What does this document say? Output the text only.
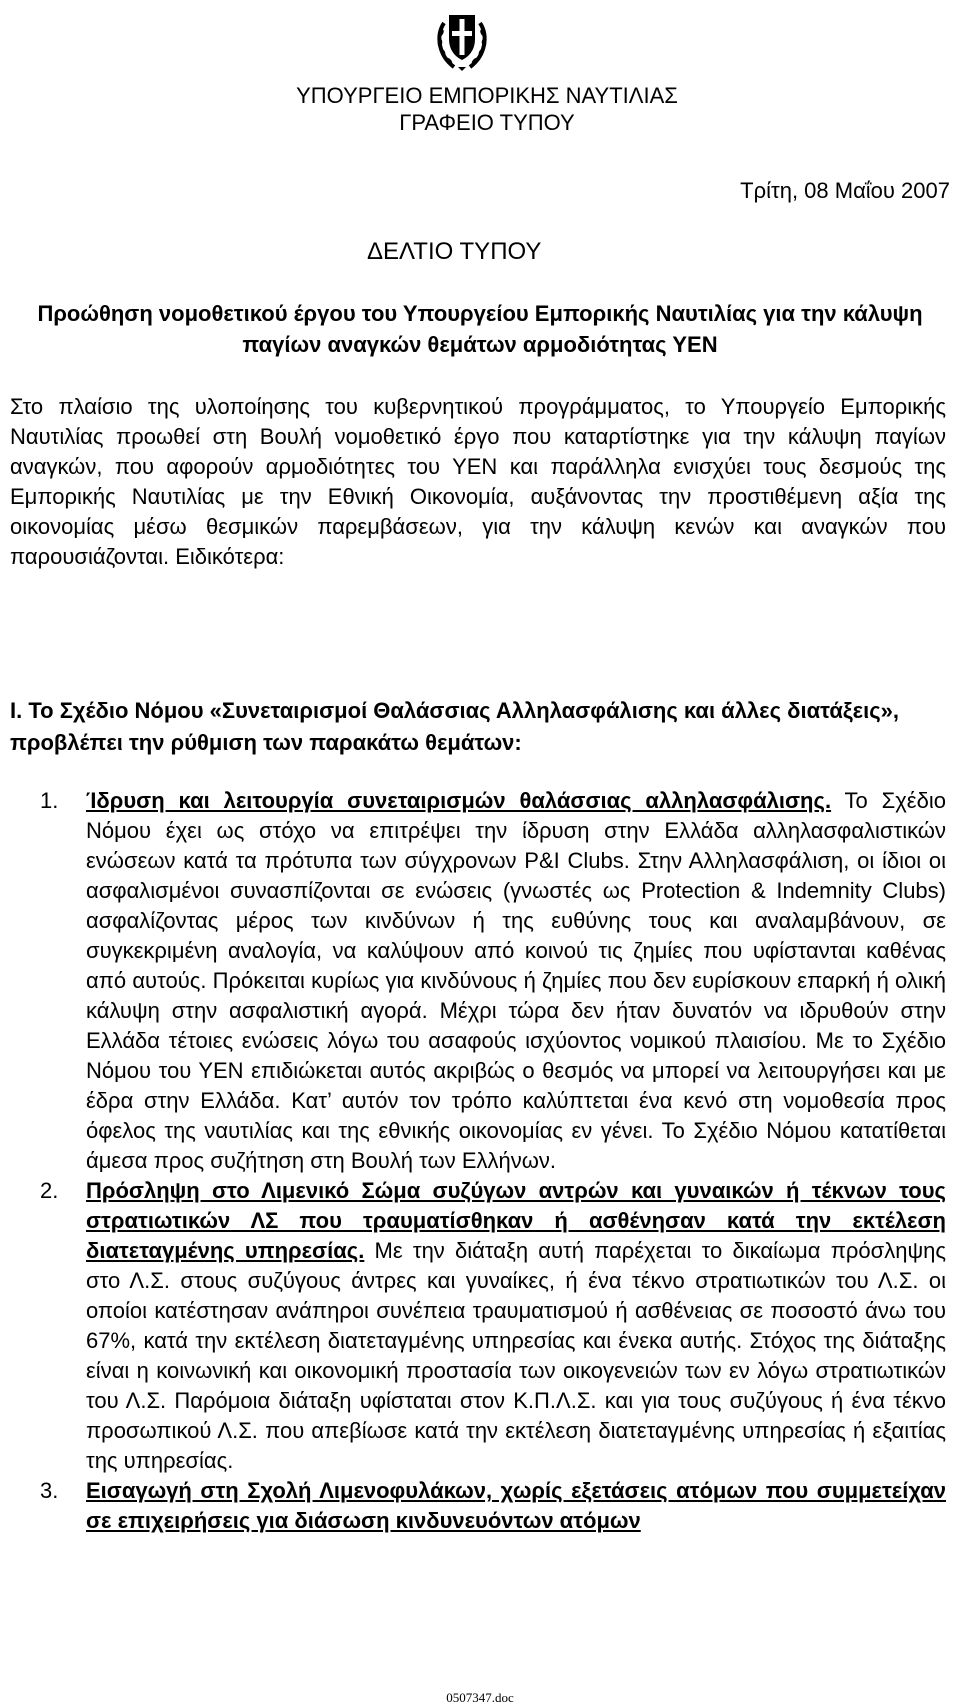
ΥΠΟΥΡΓΕΙΟ ΕΜΠΟΡΙΚΗΣ ΝΑΥΤΙΛΙΑΣ
ΓΡΑΦΕΙΟ ΤΥΠΟΥ
Τρίτη, 08 Μαΐου 2007
ΔΕΛΤΙΟ ΤΥΠΟΥ
Προώθηση νομοθετικού έργου του Υπουργείου Εμπορικής Ναυτιλίας για την κάλυψη παγίων αναγκών θεμάτων αρμοδιότητας ΥΕΝ
Στο πλαίσιο της υλοποίησης του κυβερνητικού προγράμματος, το Υπουργείο Εμπορικής Ναυτιλίας προωθεί στη Βουλή νομοθετικό έργο που καταρτίστηκε για την κάλυψη παγίων αναγκών, που αφορούν αρμοδιότητες του ΥΕΝ και παράλληλα ενισχύει τους δεσμούς της Εμπορικής Ναυτιλίας με την Εθνική Οικονομία, αυξάνοντας την προστιθέμενη αξία της οικονομίας μέσω θεσμικών παρεμβάσεων, για την κάλυψη κενών και αναγκών που παρουσιάζονται. Ειδικότερα:
Ι. Το Σχέδιο Νόμου «Συνεταιρισμοί Θαλάσσιας Αλληλασφάλισης και άλλες διατάξεις», προβλέπει την ρύθμιση των παρακάτω θεμάτων:
1. Ίδρυση και λειτουργία συνεταιρισμών θαλάσσιας αλληλασφάλισης. Το Σχέδιο Νόμου έχει ως στόχο να επιτρέψει την ίδρυση στην Ελλάδα αλληλασφαλιστικών ενώσεων κατά τα πρότυπα των σύγχρονων P&I Clubs. Στην Αλληλασφάλιση, οι ίδιοι οι ασφαλισμένοι συνασπίζονται σε ενώσεις (γνωστές ως Protection & Indemnity Clubs) ασφαλίζοντας μέρος των κινδύνων ή της ευθύνης τους και αναλαμβάνουν, σε συγκεκριμένη αναλογία, να καλύψουν από κοινού τις ζημίες που υφίστανται καθένας από αυτούς. Πρόκειται κυρίως για κινδύνους ή ζημίες που δεν ευρίσκουν επαρκή ή ολική κάλυψη στην ασφαλιστική αγορά. Μέχρι τώρα δεν ήταν δυνατόν να ιδρυθούν στην Ελλάδα τέτοιες ενώσεις λόγω του ασαφούς ισχύοντος νομικού πλαισίου. Με το Σχέδιο Νόμου του ΥΕΝ επιδιώκεται αυτός ακριβώς ο θεσμός να μπορεί να λειτουργήσει και με έδρα στην Ελλάδα. Κατ’ αυτόν τον τρόπο καλύπτεται ένα κενό στη νομοθεσία προς όφελος της ναυτιλίας και της εθνικής οικονομίας εν γένει. Το Σχέδιο Νόμου κατατίθεται άμεσα προς συζήτηση στη Βουλή των Ελλήνων.
2. Πρόσληψη στο Λιμενικό Σώμα συζύγων αντρών και γυναικών ή τέκνων τους στρατιωτικών ΛΣ που τραυματίσθηκαν ή ασθένησαν κατά την εκτέλεση διατεταγμένης υπηρεσίας. Με την διάταξη αυτή παρέχεται το δικαίωμα πρόσληψης στο Λ.Σ. στους συζύγους άντρες και γυναίκες, ή ένα τέκνο στρατιωτικών του Λ.Σ. οι οποίοι κατέστησαν ανάπηροι συνέπεια τραυματισμού ή ασθένειας σε ποσοστό άνω του 67%, κατά την εκτέλεση διατεταγμένης υπηρεσίας και ένεκα αυτής. Στόχος της διάταξης είναι η κοινωνική και οικονομική προστασία των οικογενειών των εν λόγω στρατιωτικών του Λ.Σ. Παρόμοια διάταξη υφίσταται στον Κ.Π.Λ.Σ. και για τους συζύγους ή ένα τέκνο προσωπικού Λ.Σ. που απεβίωσε κατά την εκτέλεση διατεταγμένης υπηρεσίας ή εξαιτίας της υπηρεσίας.
3. Εισαγωγή στη Σχολή Λιμενοφυλάκων, χωρίς εξετάσεις ατόμων που συμμετείχαν σε επιχειρήσεις για διάσωση κινδυνευόντων ατόμων
0507347.doc
